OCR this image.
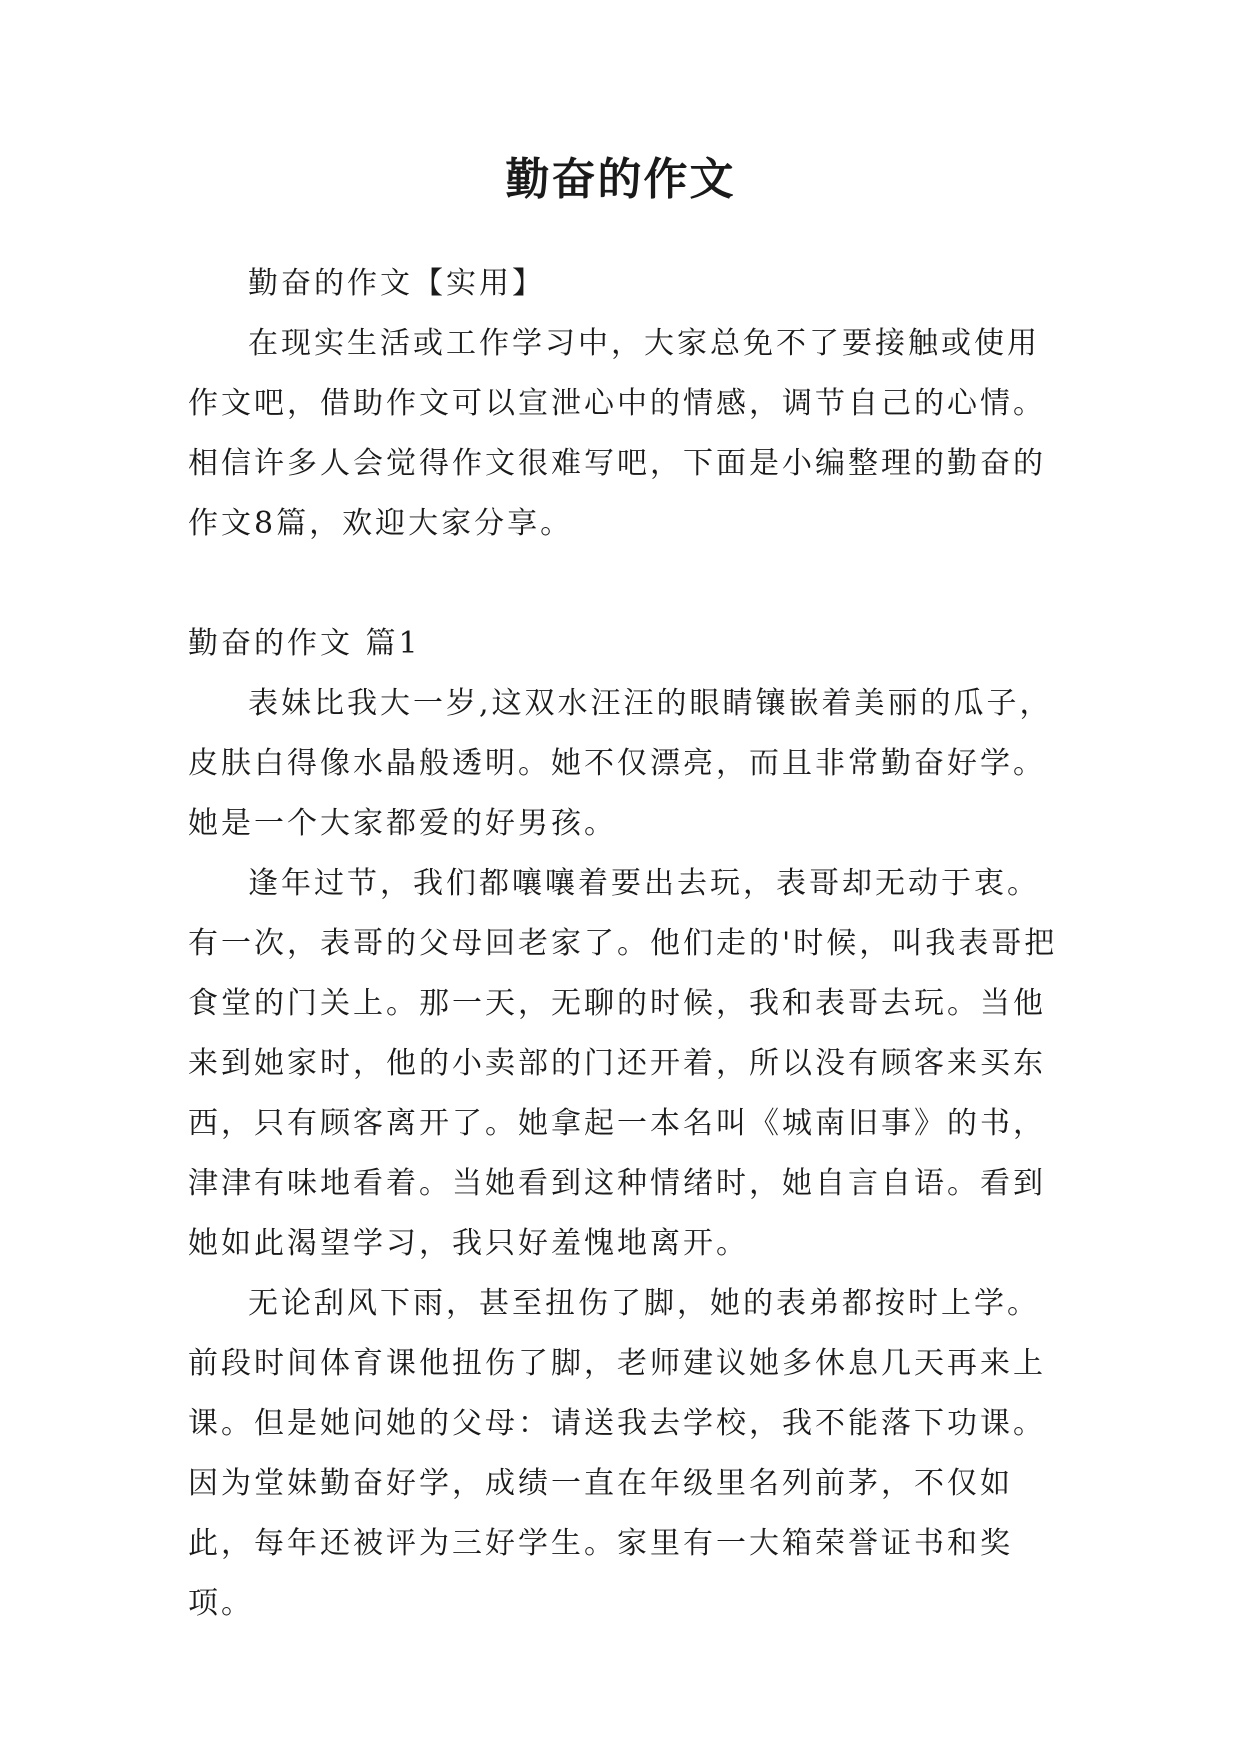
勤奋的作文

勤奋的作文【实用】

在现实生活或工作学习中，大家总免不了要接触或使用作文吧，借助作文可以宣泄心中的情感，调节自己的心情。相信许多人会觉得作文很难写吧，下面是小编整理的勤奋的作文8篇，欢迎大家分享。

勤奋的作文 篇1

表妹比我大一岁,这双水汪汪的眼睛镶嵌着美丽的瓜子，皮肤白得像水晶般透明。她不仅漂亮，而且非常勤奋好学。她是一个大家都爱的好男孩。

逢年过节，我们都嚷嚷着要出去玩，表哥却无动于衷。有一次，表哥的父母回老家了。他们走的'时候，叫我表哥把食堂的门关上。那一天，无聊的时候，我和表哥去玩。当他来到她家时，他的小卖部的门还开着，所以没有顾客来买东西，只有顾客离开了。她拿起一本名叫《城南旧事》的书，津津有味地看着。当她看到这种情绪时，她自言自语。看到她如此渴望学习，我只好羞愧地离开。

无论刮风下雨，甚至扭伤了脚，她的表弟都按时上学。前段时间体育课他扭伤了脚，老师建议她多休息几天再来上课。但是她问她的父母：请送我去学校，我不能落下功课。因为堂妹勤奋好学，成绩一直在年级里名列前茅，不仅如此，每年还被评为三好学生。家里有一大箱荣誉证书和奖项。
